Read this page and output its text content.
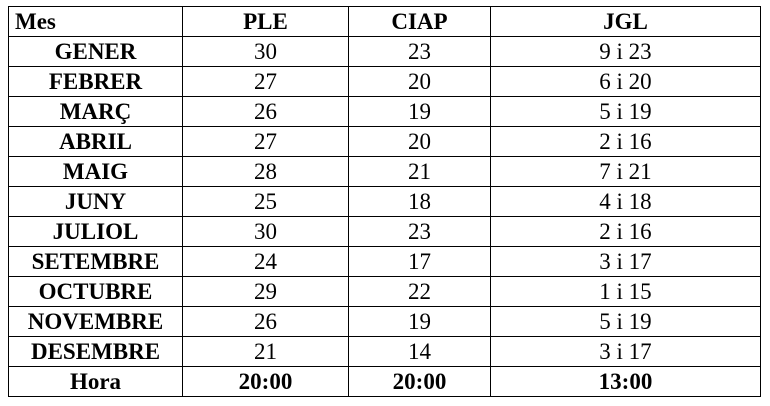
Mes	PLE	CIAP	JGL
GENER	30	23	9 i 23
FEBRER	27	20	6 i 20
MARÇ	26	19	5 i 19
ABRIL	27	20	2 i 16
MAIG	28	21	7 i 21
JUNY	25	18	4 i 18
JULIOL	30	23	2 i 16
SETEMBRE	24	17	3 i 17
OCTUBRE	29	22	1 i 15
NOVEMBRE	26	19	5 i 19
DESEMBRE	21	14	3 i 17
Hora	20:00	20:00	13:00
